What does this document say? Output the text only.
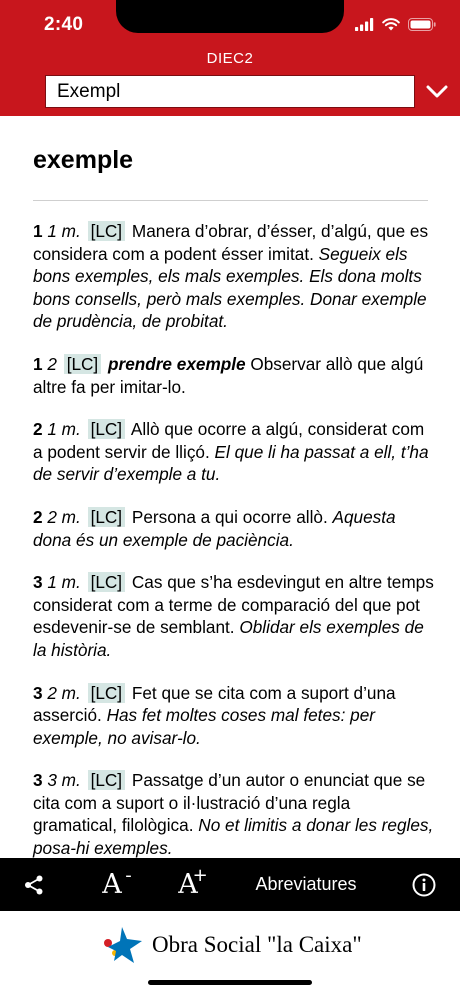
2:40
DIEC2
Exempl
exemple

1 1 m. [LC] Manera d’obrar, d’ésser, d’algú, que es considera com a podent ésser imitat. Segueix els bons exemples, els mals exemples. Els dona molts bons consells, però mals exemples. Donar exemple de prudència, de probitat.

1 2 [LC] prendre exemple Observar allò que algú altre fa per imitar-lo.

2 1 m. [LC] Allò que ocorre a algú, considerat com a podent servir de lliçó. El que li ha passat a ell, t’ha de servir d’exemple a tu.

2 2 m. [LC] Persona a qui ocorre allò. Aquesta dona és un exemple de paciència.

3 1 m. [LC] Cas que s’ha esdevingut en altre temps considerat com a terme de comparació del que pot esdevenir-se de semblant. Oblidar els exemples de la història.

3 2 m. [LC] Fet que se cita com a suport d’una asserció. Has fet moltes coses mal fetes: per exemple, no avisar-lo.

3 3 m. [LC] Passatge d’un autor o enunciat que se cita com a suport o il·lustració d’una regla gramatical, filològica. No et limitis a donar les regles, posa-hi exemples.

A - A
+	Abreviatures
Obra Social "la Caixa"
